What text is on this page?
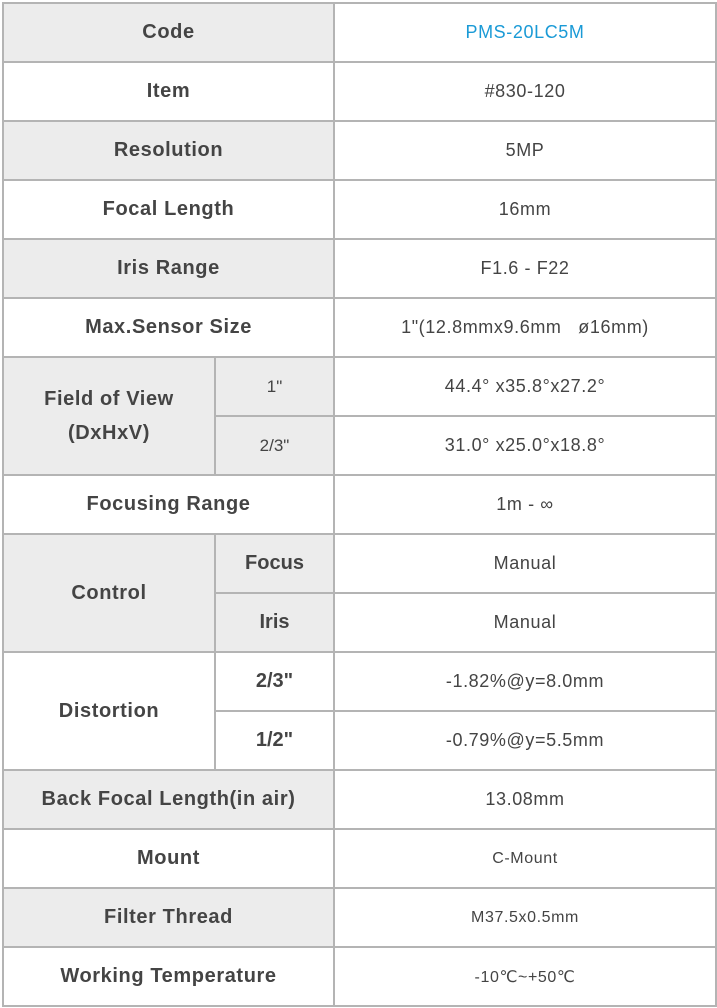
Code		PMS-20LC5M
Item		#830-120
Resolution		5MP
Focal Length		16mm
Iris Range		F1.6 - F22
Max.Sensor Size		1"(12.8mmx9.6mm   ø16mm)
Field of View
(DxHxV)	1"	44.4° x35.8°x27.2°
	2/3"	31.0° x25.0°x18.8°
Focusing Range		1m - ∞
Control	Focus	Manual
	Iris	Manual
Distortion	2/3"	-1.82%@y=8.0mm
	1/2"	-0.79%@y=5.5mm
Back Focal Length(in air)		13.08mm
Mount		C-Mount
Filter Thread		M37.5x0.5mm
Working Temperature		-10℃~+50℃
